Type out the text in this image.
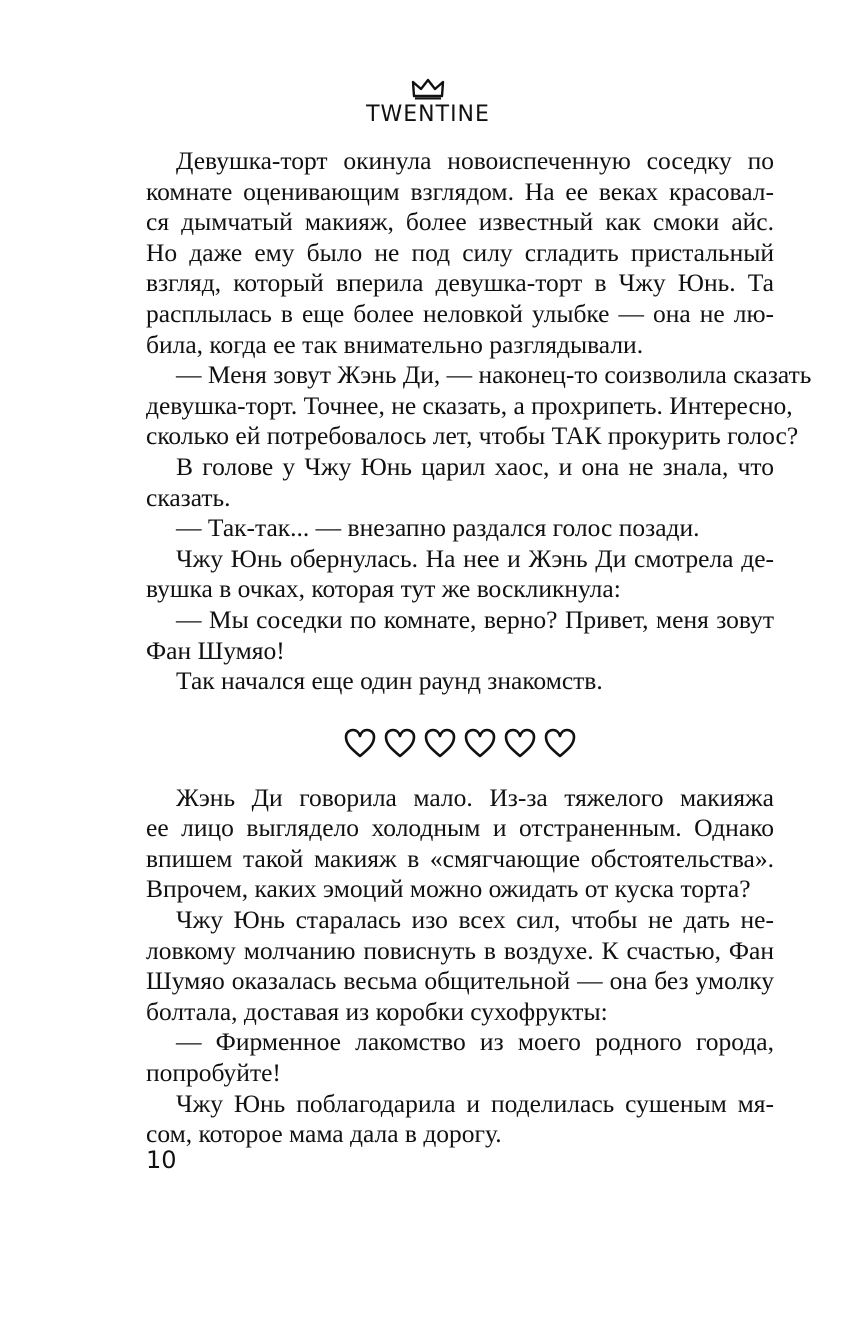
TWENTINE
Девушка-торт окинула новоиспеченную соседку по
комнате оценивающим взглядом. На ее веках красовал-
ся дымчатый макияж, более известный как смоки айс.
Но даже ему было не под силу сгладить пристальный
взгляд, который вперила девушка-торт в Чжу Юнь. Та
расплылась в еще более неловкой улыбке — она не лю-
била, когда ее так внимательно разглядывали.
— Меня зовут Жэнь Ди, — наконец-то соизволила сказать
девушка-торт. Точнее, не сказать, а прохрипеть. Интересно,
сколько ей потребовалось лет, чтобы ТАК прокурить голос?
В голове у Чжу Юнь царил хаос, и она не знала, что
сказать.
— Так-так... — внезапно раздался голос позади.
Чжу Юнь обернулась. На нее и Жэнь Ди смотрела де-
вушка в очках, которая тут же воскликнула:
— Мы соседки по комнате, верно? Привет, меня зовут
Фан Шумяо!
Так начался еще один раунд знакомств.
Жэнь Ди говорила мало. Из-за тяжелого макияжа
ее лицо выглядело холодным и отстраненным. Однако
впишем такой макияж в «смягчающие обстоятельства».
Впрочем, каких эмоций можно ожидать от куска торта?
Чжу Юнь старалась изо всех сил, чтобы не дать не-
ловкому молчанию повиснуть в воздухе. К счастью, Фан
Шумяо оказалась весьма общительной — она без умолку
болтала, доставая из коробки сухофрукты:
— Фирменное лакомство из моего родного города,
попробуйте!
Чжу Юнь поблагодарила и поделилась сушеным мя-
сом, которое мама дала в дорогу.
10
